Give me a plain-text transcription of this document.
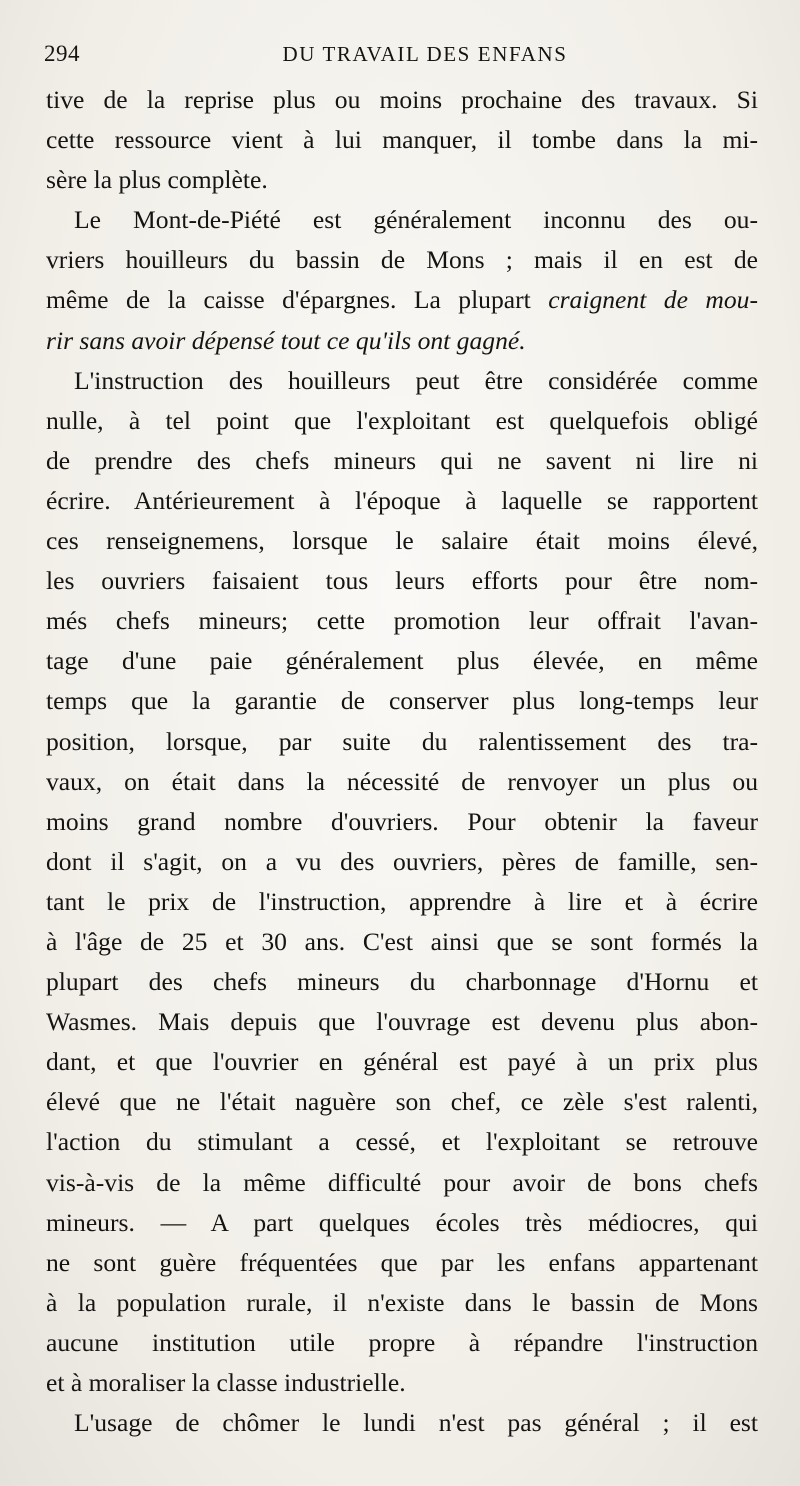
294	DU TRAVAIL DES ENFANS
tive de la reprise plus ou moins prochaine des travaux. Si
cette ressource vient à lui manquer, il tombe dans la mi-
sère la plus complète.
Le Mont-de-Piété est généralement inconnu des ou-
vriers houilleurs du bassin de Mons ; mais il en est de
même de la caisse d'épargnes. La plupart craignent de mou-
rir sans avoir dépensé tout ce qu'ils ont gagné.
L'instruction des houilleurs peut être considérée comme
nulle, à tel point que l'exploitant est quelquefois obligé
de prendre des chefs mineurs qui ne savent ni lire ni
écrire. Antérieurement à l'époque à laquelle se rapportent
ces renseignemens, lorsque le salaire était moins élevé,
les ouvriers faisaient tous leurs efforts pour être nom-
més chefs mineurs; cette promotion leur offrait l'avan-
tage d'une paie généralement plus élevée, en même
temps que la garantie de conserver plus long-temps leur
position, lorsque, par suite du ralentissement des tra-
vaux, on était dans la nécessité de renvoyer un plus ou
moins grand nombre d'ouvriers. Pour obtenir la faveur
dont il s'agit, on a vu des ouvriers, pères de famille, sen-
tant le prix de l'instruction, apprendre à lire et à écrire
à l'âge de 25 et 30 ans. C'est ainsi que se sont formés la
plupart des chefs mineurs du charbonnage d'Hornu et
Wasmes. Mais depuis que l'ouvrage est devenu plus abon-
dant, et que l'ouvrier en général est payé à un prix plus
élevé que ne l'était naguère son chef, ce zèle s'est ralenti,
l'action du stimulant a cessé, et l'exploitant se retrouve
vis-à-vis de la même difficulté pour avoir de bons chefs
mineurs. — A part quelques écoles très médiocres, qui
ne sont guère fréquentées que par les enfans appartenant
à la population rurale, il n'existe dans le bassin de Mons
aucune institution utile propre à répandre l'instruction
et à moraliser la classe industrielle.
L'usage de chômer le lundi n'est pas général ; il est
